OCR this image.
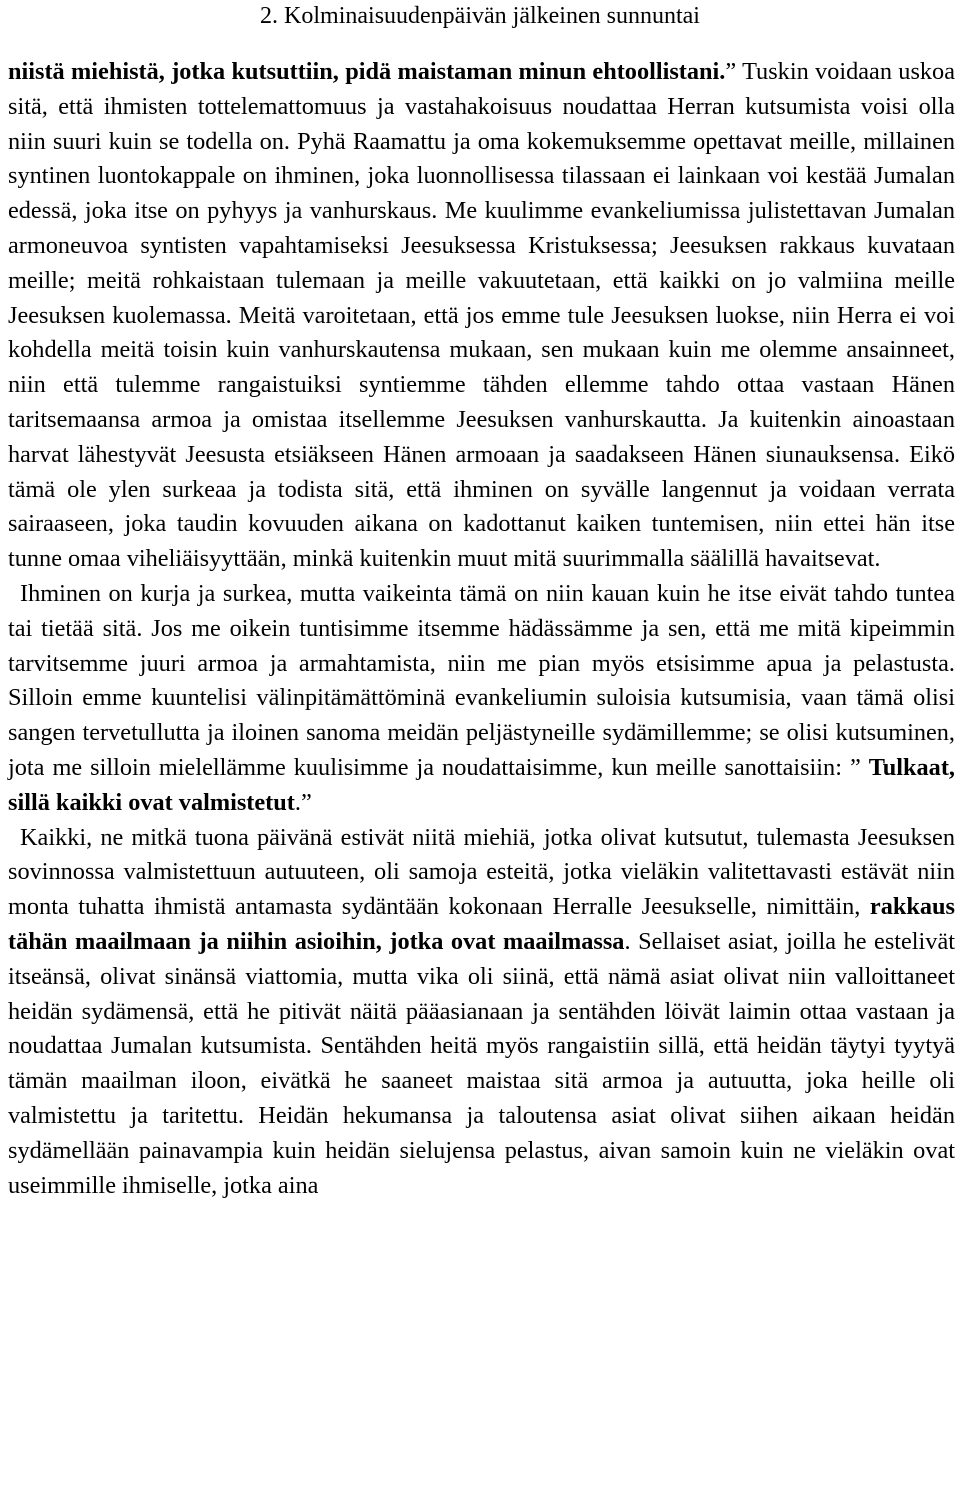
2. Kolminaisuudenpäivän jälkeinen sunnuntai

niistä miehistä, jotka kutsuttiin, pidä maistaman minun ehtoollistani.” Tuskin voidaan uskoa sitä, että ihmisten tottelemattomuus ja vastahakoisuus noudattaa Herran kutsumista voisi olla niin suuri kuin se todella on. Pyhä Raamattu ja oma kokemuksemme opettavat meille, millainen syntinen luontokappale on ihminen, joka luonnollisessa tilassaan ei lainkaan voi kestää Jumalan edessä, joka itse on pyhyys ja vanhurskaus. Me kuulimme evankeliumissa julistettavan Jumalan armoneuvoa syntisten vapahtamiseksi Jeesuksessa Kristuksessa; Jeesuksen rakkaus kuvataan meille; meitä rohkaistaan tulemaan ja meille vakuutetaan, että kaikki on jo valmiina meille Jeesuksen kuolemassa. Meitä varoitetaan, että jos emme tule Jeesuksen luokse, niin Herra ei voi kohdella meitä toisin kuin vanhurskautensa mukaan, sen mukaan kuin me olemme ansainneet, niin että tulemme rangaistuiksi syntiemme tähden ellemme tahdo ottaa vastaan Hänen taritsemaansa armoa ja omistaa itsellemme Jeesuksen vanhurskautta. Ja kuitenkin ainoastaan harvat lähestyvät Jeesusta etsiäkseen Hänen armoaan ja saadakseen Hänen siunauksensa. Eikö tämä ole ylen surkeaa ja todista sitä, että ihminen on syvälle langennut ja voidaan verrata sairaaseen, joka taudin kovuuden aikana on kadottanut kaiken tuntemisen, niin ettei hän itse tunne omaa viheliäisyyttään, minkä kuitenkin muut mitä suurimmalla säälillä havaitsevat.

Ihminen on kurja ja surkea, mutta vaikeinta tämä on niin kauan kuin he itse eivät tahdo tuntea tai tietää sitä. Jos me oikein tuntisimme itsemme hädässämme ja sen, että me mitä kipeimmin tarvitsemme juuri armoa ja armahtamista, niin me pian myös etsisimme apua ja pelastusta. Silloin emme kuuntelisi välinpitämättöminä evankeliumin suloisia kutsumisia, vaan tämä olisi sangen tervetullutta ja iloinen sanoma meidän peljästyneille sydämillemme; se olisi kutsuminen, jota me silloin mielellämme kuulisimme ja noudattaisimme, kun meille sanottaisiin: ” Tulkaat, sillä kaikki ovat valmistetut.”

Kaikki, ne mitkä tuona päivänä estivät niitä miehiä, jotka olivat kutsutut, tulemasta Jeesuksen sovinnossa valmistettuun autuuteen, oli samoja esteitä, jotka vieläkin valitettavasti estävät niin monta tuhatta ihmistä antamasta sydäntään kokonaan Herralle Jeesukselle, nimittäin, rakkaus tähän maailmaan ja niihin asioihin, jotka ovat maailmassa. Sellaiset asiat, joilla he estelivät itseänsä, olivat sinänsä viattomia, mutta vika oli siinä, että nämä asiat olivat niin valloittaneet heidän sydämensä, että he pitivät näitä pääasianaan ja sentähden löivät laimin ottaa vastaan ja noudattaa Jumalan kutsumista. Sentähden heitä myös rangaistiin sillä, että heidän täytyi tyytyä tämän maailman iloon, eivätkä he saaneet maistaa sitä armoa ja autuutta, joka heille oli valmistettu ja taritettu. Heidän hekumansa ja taloutensa asiat olivat siihen aikaan heidän sydämellään painavampia kuin heidän sielujensa pelastus, aivan samoin kuin ne vieläkin ovat useimmille ihmiselle, jotka aina
